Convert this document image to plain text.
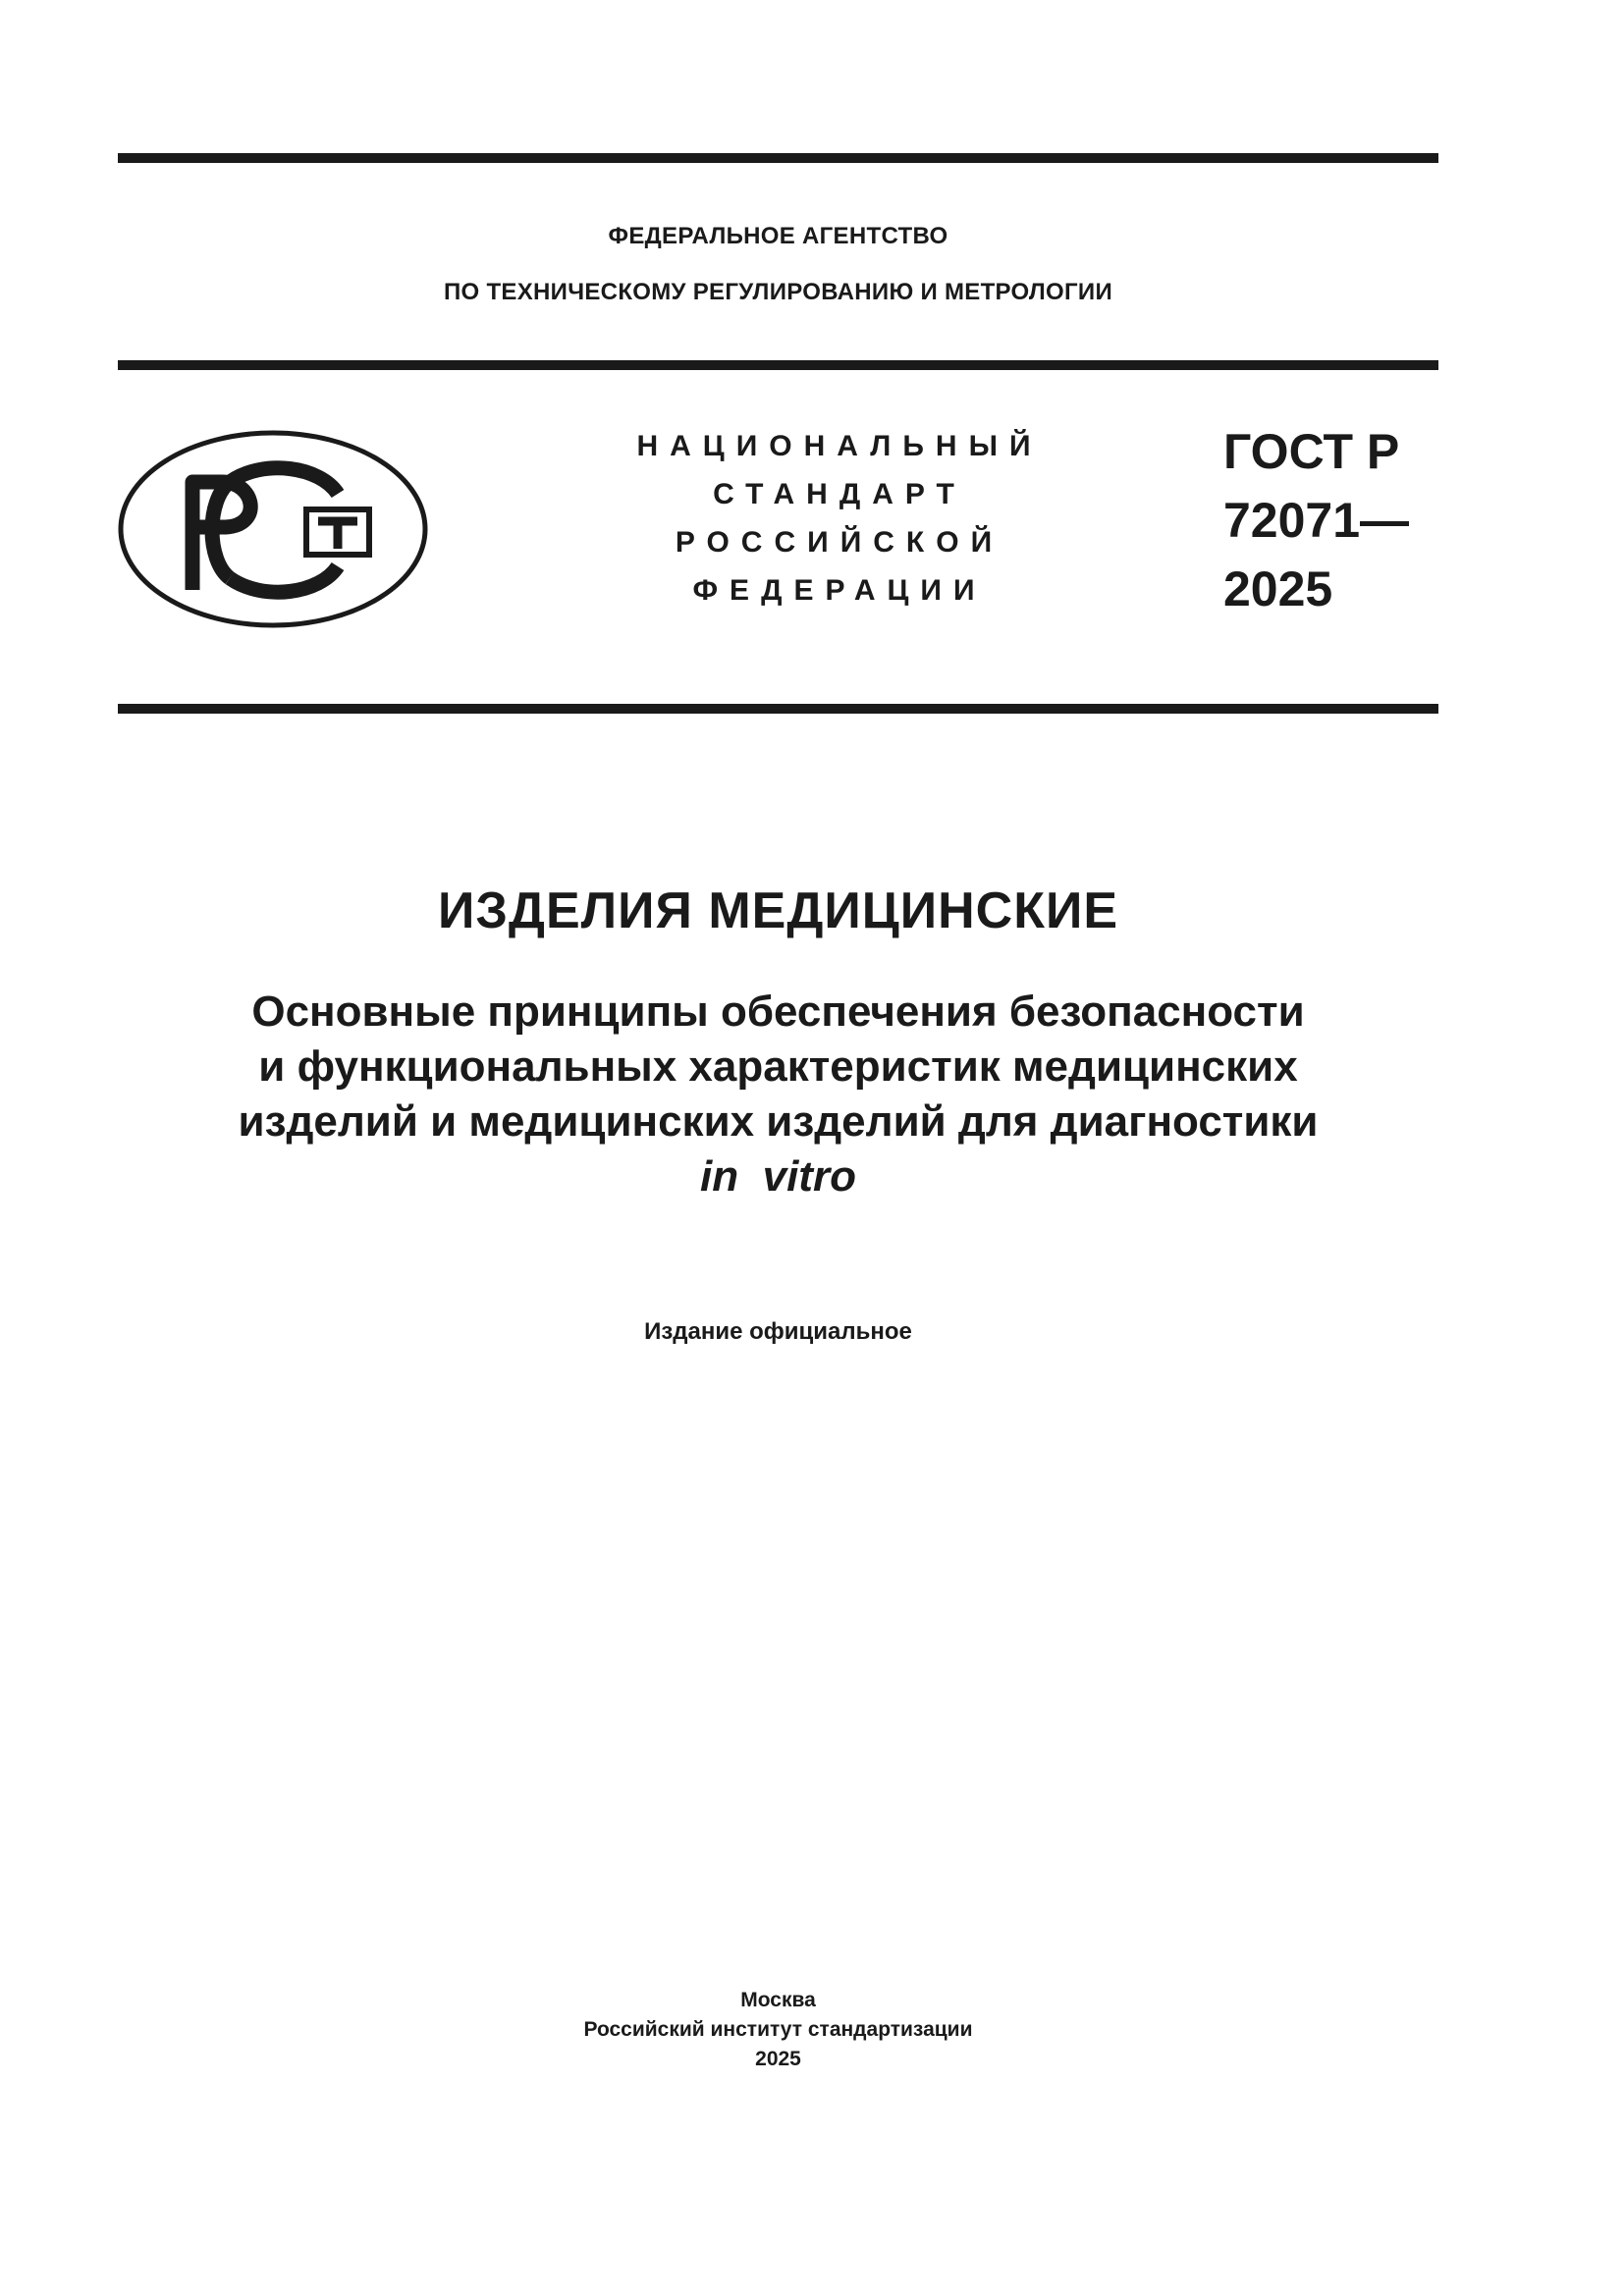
ФЕДЕРАЛЬНОЕ АГЕНТСТВО
ПО ТЕХНИЧЕСКОМУ РЕГУЛИРОВАНИЮ И МЕТРОЛОГИИ
НАЦИОНАЛЬНЫЙ
СТАНДАРТ
РОССИЙСКОЙ
ФЕДЕРАЦИИ
ГОСТ Р
72071—
2025
ИЗДЕЛИЯ МЕДИЦИНСКИЕ
Основные принципы обеспечения безопасности
и функциональных характеристик медицинских
изделий и медицинских изделий для диагностики
in  vitro
Издание официальное
Москва
Российский институт стандартизации
2025
